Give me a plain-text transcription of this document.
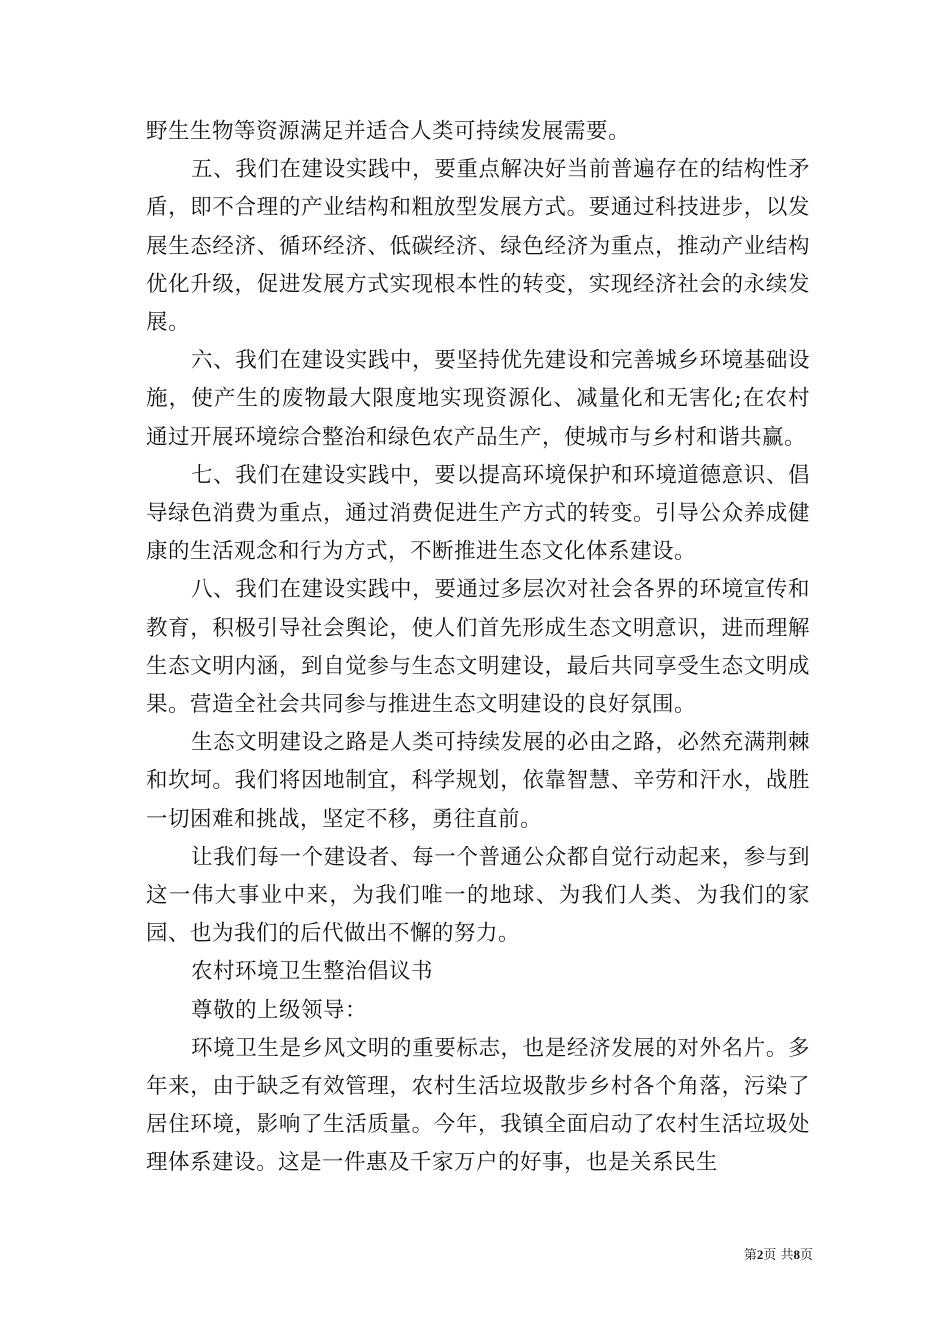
野生生物等资源满足并适合人类可持续发展需要。

五、我们在建设实践中，要重点解决好当前普遍存在的结构性矛盾，即不合理的产业结构和粗放型发展方式。要通过科技进步，以发展生态经济、循环经济、低碳经济、绿色经济为重点，推动产业结构优化升级，促进发展方式实现根本性的转变，实现经济社会的永续发展。

六、我们在建设实践中，要坚持优先建设和完善城乡环境基础设施，使产生的废物最大限度地实现资源化、减量化和无害化;在农村通过开展环境综合整治和绿色农产品生产，使城市与乡村和谐共赢。

七、我们在建设实践中，要以提高环境保护和环境道德意识、倡导绿色消费为重点，通过消费促进生产方式的转变。引导公众养成健康的生活观念和行为方式，不断推进生态文化体系建设。

八、我们在建设实践中，要通过多层次对社会各界的环境宣传和教育，积极引导社会舆论，使人们首先形成生态文明意识，进而理解生态文明内涵，到自觉参与生态文明建设，最后共同享受生态文明成果。营造全社会共同参与推进生态文明建设的良好氛围。

生态文明建设之路是人类可持续发展的必由之路，必然充满荆棘和坎坷。我们将因地制宜，科学规划，依靠智慧、辛劳和汗水，战胜一切困难和挑战，坚定不移，勇往直前。

让我们每一个建设者、每一个普通公众都自觉行动起来，参与到这一伟大事业中来，为我们唯一的地球、为我们人类、为我们的家园、也为我们的后代做出不懈的努力。

农村环境卫生整治倡议书

尊敬的上级领导：

环境卫生是乡风文明的重要标志，也是经济发展的对外名片。多年来，由于缺乏有效管理，农村生活垃圾散步乡村各个角落，污染了居住环境，影响了生活质量。今年，我镇全面启动了农村生活垃圾处理体系建设。这是一件惠及千家万户的好事，也是关系民生

第2页 共8页
